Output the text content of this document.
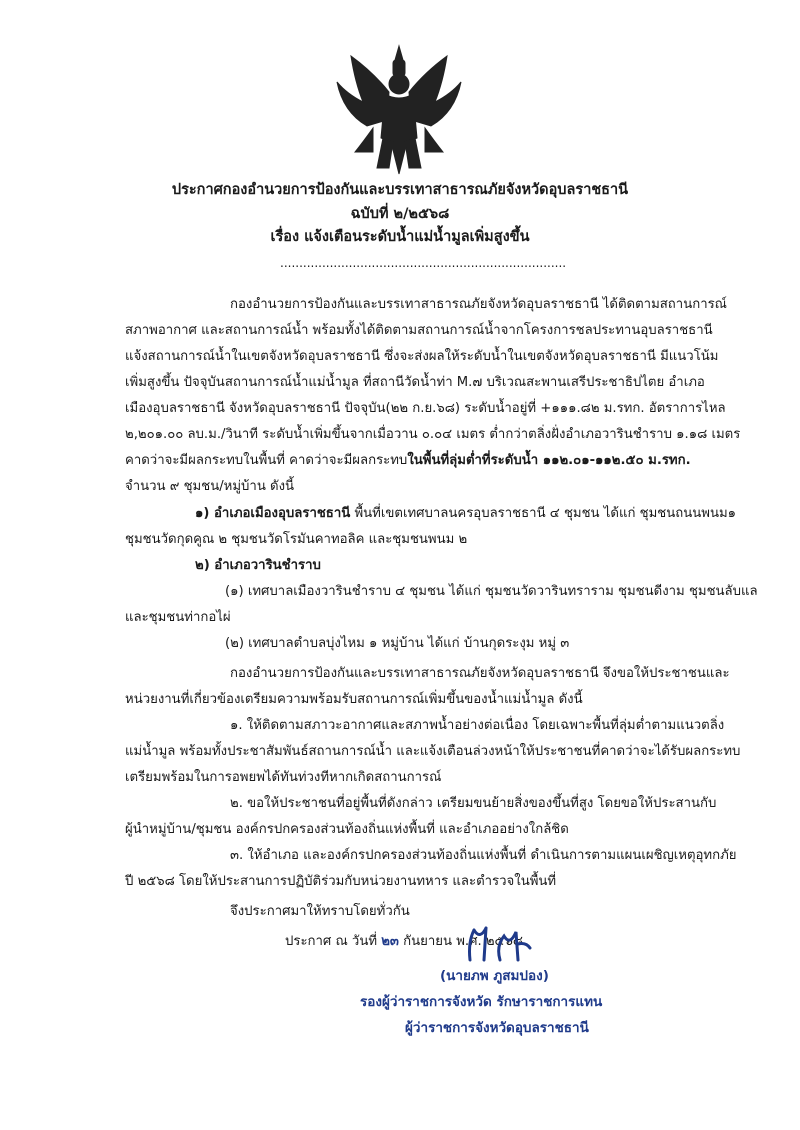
ประกาศกองอำนวยการป้องกันและบรรเทาสาธารณภัยจังหวัดอุบลราชธานี
ฉบับที่ ๒/๒๕๖๘
เรื่อง แจ้งเตือนระดับน้ำแม่น้ำมูลเพิ่มสูงขึ้น
...........................................................................
กองอำนวยการป้องกันและบรรเทาสาธารณภัยจังหวัดอุบลราชธานี ได้ติดตามสถานการณ์
สภาพอากาศ และสถานการณ์น้ำ พร้อมทั้งได้ติดตามสถานการณ์น้ำจากโครงการชลประทานอุบลราชธานี
แจ้งสถานการณ์น้ำในเขตจังหวัดอุบลราชธานี ซึ่งจะส่งผลให้ระดับน้ำในเขตจังหวัดอุบลราชธานี มีแนวโน้ม
เพิ่มสูงขึ้น ปัจจุบันสถานการณ์น้ำแม่น้ำมูล ที่สถานีวัดน้ำท่า M.๗ บริเวณสะพานเสรีประชาธิปไตย อำเภอ
เมืองอุบลราชธานี จังหวัดอุบลราชธานี ปัจจุบัน(๒๒ ก.ย.๖๘) ระดับน้ำอยู่ที่ +๑๑๑.๘๒ ม.รทก. อัตราการไหล
๒,๒๐๑.๐๐ ลบ.ม./วินาที ระดับน้ำเพิ่มขึ้นจากเมื่อวาน ๐.๐๔ เมตร ต่ำกว่าตลิ่งฝั่งอำเภอวารินชำราบ ๑.๑๘ เมตร
คาดว่าจะมีผลกระทบในพื้นที่ คาดว่าจะมีผลกระทบในพื้นที่ลุ่มต่ำที่ระดับน้ำ ๑๑๒.๐๑-๑๑๒.๕๐ ม.รทก.
จำนวน ๙ ชุมชน/หมู่บ้าน ดังนี้
๑) อำเภอเมืองอุบลราชธานี พื้นที่เขตเทศบาลนครอุบลราชธานี ๔ ชุมชน ได้แก่ ชุมชนถนนพนม๑
ชุมชนวัดกุดคูณ ๒ ชุมชนวัดโรมันคาทอลิค และชุมชนพนม ๒
๒) อำเภอวารินชำราบ
(๑) เทศบาลเมืองวารินชำราบ ๔ ชุมชน ได้แก่ ชุมชนวัดวารินทราราม ชุมชนดีงาม ชุมชนลับแล
และชุมชนท่ากอไผ่
(๒) เทศบาลตำบลบุ่งไหม ๑ หมู่บ้าน ได้แก่ บ้านกุดระงุม หมู่ ๓
กองอำนวยการป้องกันและบรรเทาสาธารณภัยจังหวัดอุบลราชธานี จึงขอให้ประชาชนและ
หน่วยงานที่เกี่ยวข้องเตรียมความพร้อมรับสถานการณ์เพิ่มขึ้นของน้ำแม่น้ำมูล ดังนี้
๑. ให้ติดตามสภาวะอากาศและสภาพน้ำอย่างต่อเนื่อง โดยเฉพาะพื้นที่ลุ่มต่ำตามแนวตลิ่ง
แม่น้ำมูล พร้อมทั้งประชาสัมพันธ์สถานการณ์น้ำ และแจ้งเตือนล่วงหน้าให้ประชาชนที่คาดว่าจะได้รับผลกระทบ
เตรียมพร้อมในการอพยพได้ทันท่วงทีหากเกิดสถานการณ์
๒. ขอให้ประชาชนที่อยู่พื้นที่ดังกล่าว เตรียมขนย้ายสิ่งของขึ้นที่สูง โดยขอให้ประสานกับ
ผู้นำหมู่บ้าน/ชุมชน องค์กรปกครองส่วนท้องถิ่นแห่งพื้นที่ และอำเภออย่างใกล้ชิด
๓. ให้อำเภอ และองค์กรปกครองส่วนท้องถิ่นแห่งพื้นที่ ดำเนินการตามแผนเผชิญเหตุอุทกภัย
ปี ๒๕๖๘ โดยให้ประสานการปฏิบัติร่วมกับหน่วยงานทหาร และตำรวจในพื้นที่
จึงประกาศมาให้ทราบโดยทั่วกัน
ประกาศ ณ วันที่ ๒๓ กันยายน พ.ศ. ๒๕๖๘
(นายภพ ภูสมปอง)
รองผู้ว่าราชการจังหวัด รักษาราชการแทน
ผู้ว่าราชการจังหวัดอุบลราชธานี
